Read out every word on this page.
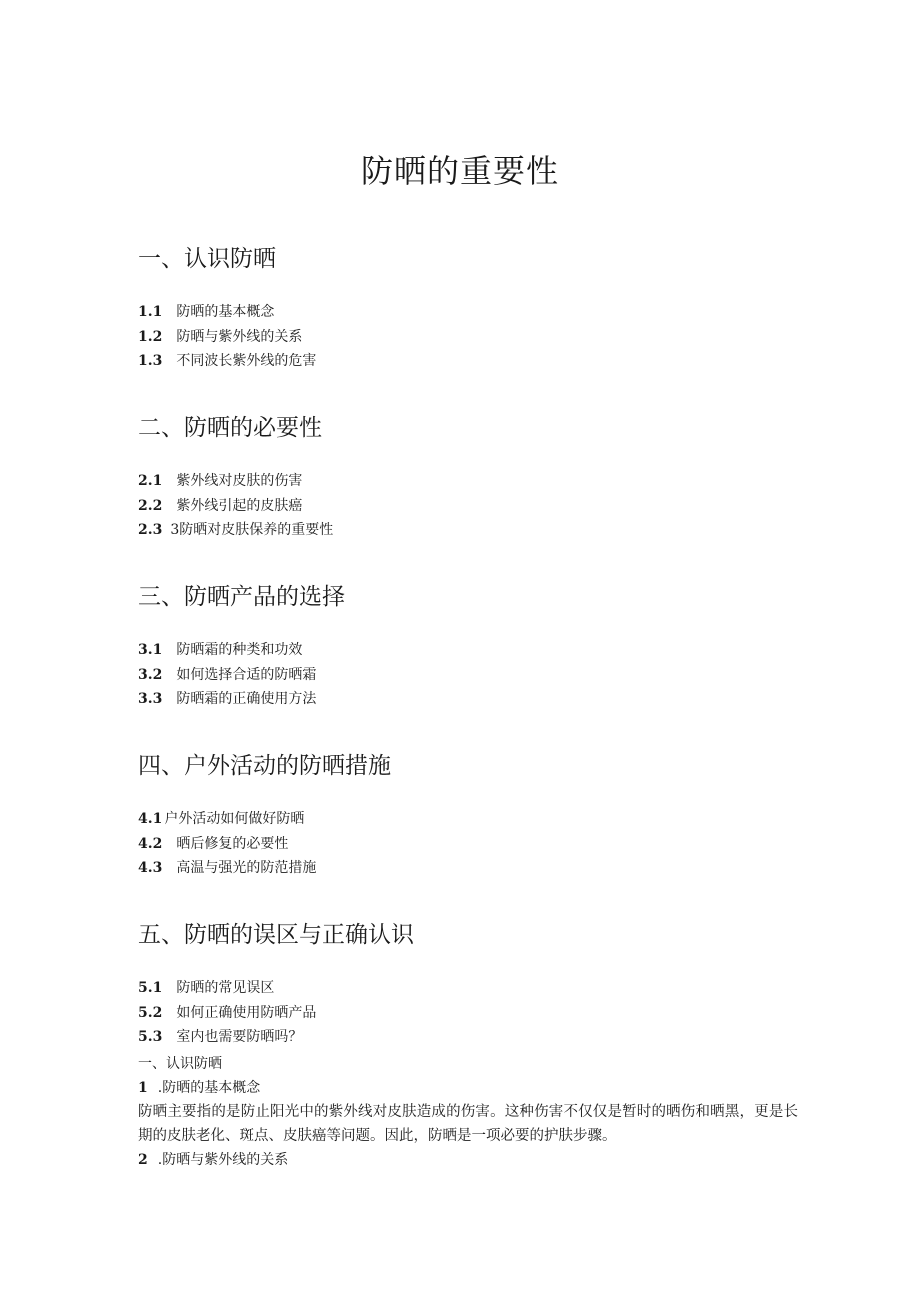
防晒的重要性
一、认识防晒
1.1 防晒的基本概念
1.2 防晒与紫外线的关系
1.3 不同波长紫外线的危害
二、防晒的必要性
2.1 紫外线对皮肤的伤害
2.2 紫外线引起的皮肤癌
2.3 3防晒对皮肤保养的重要性
三、防晒产品的选择
3.1 防晒霜的种类和功效
3.2 如何选择合适的防晒霜
3.3 防晒霜的正确使用方法
四、户外活动的防晒措施
4.1 户外活动如何做好防晒
4.2 晒后修复的必要性
4.3 高温与强光的防范措施
五、防晒的误区与正确认识
5.1 防晒的常见误区
5.2 如何正确使用防晒产品
5.3 室内也需要防晒吗？
一、认识防晒
1 .防晒的基本概念

防晒主要指的是防止阳光中的紫外线对皮肤造成的伤害。这种伤害不仅仅是暂时的晒伤和晒黑，更是长期的皮肤老化、斑点、皮肤癌等问题。因此，防晒是一项必要的护肤步骤。

2 .防晒与紫外线的关系
